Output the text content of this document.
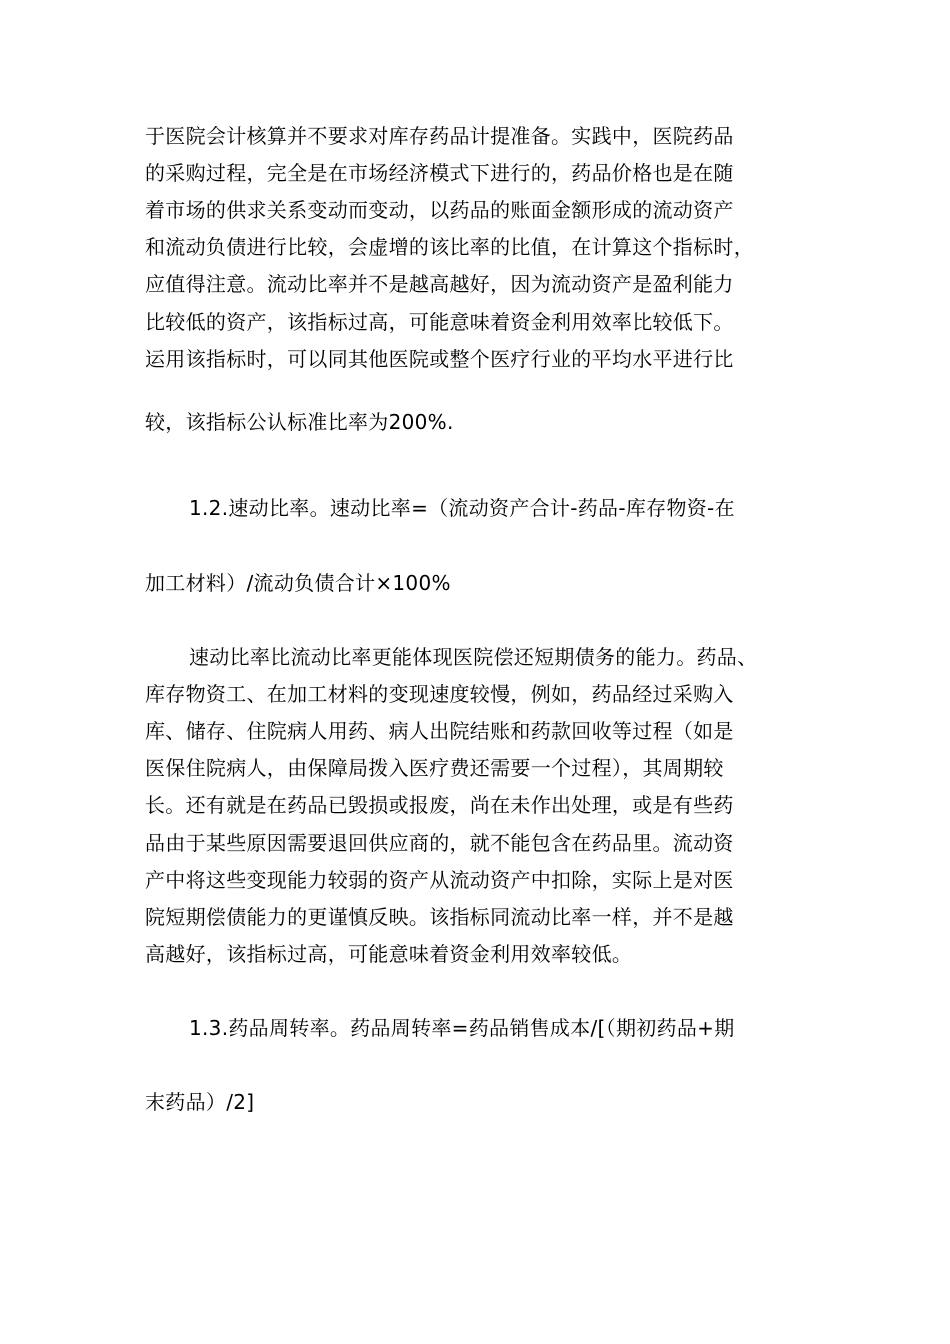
于医院会计核算并不要求对库存药品计提准备。实践中，医院药品
的采购过程，完全是在市场经济模式下进行的，药品价格也是在随
着市场的供求关系变动而变动，以药品的账面金额形成的流动资产
和流动负债进行比较，会虚增的该比率的比值，在计算这个指标时，
应值得注意。流动比率并不是越高越好，因为流动资产是盈利能力
比较低的资产，该指标过高，可能意味着资金利用效率比较低下。
运用该指标时，可以同其他医院或整个医疗行业的平均水平进行比
较，该指标公认标准比率为200%.
1.2.速动比率。速动比率=（流动资产合计-药品-库存物资-在
加工材料）/流动负债合计×100%
速动比率比流动比率更能体现医院偿还短期债务的能力。药品、
库存物资工、在加工材料的变现速度较慢，例如，药品经过采购入
库、储存、住院病人用药、病人出院结账和药款回收等过程（如是
医保住院病人，由保障局拨入医疗费还需要一个过程），其周期较
长。还有就是在药品已毁损或报废，尚在未作出处理，或是有些药
品由于某些原因需要退回供应商的，就不能包含在药品里。流动资
产中将这些变现能力较弱的资产从流动资产中扣除，实际上是对医
院短期偿债能力的更谨慎反映。该指标同流动比率一样，并不是越
高越好，该指标过高，可能意味着资金利用效率较低。
1.3.药品周转率。药品周转率=药品销售成本/[（期初药品+期
末药品）/2]
